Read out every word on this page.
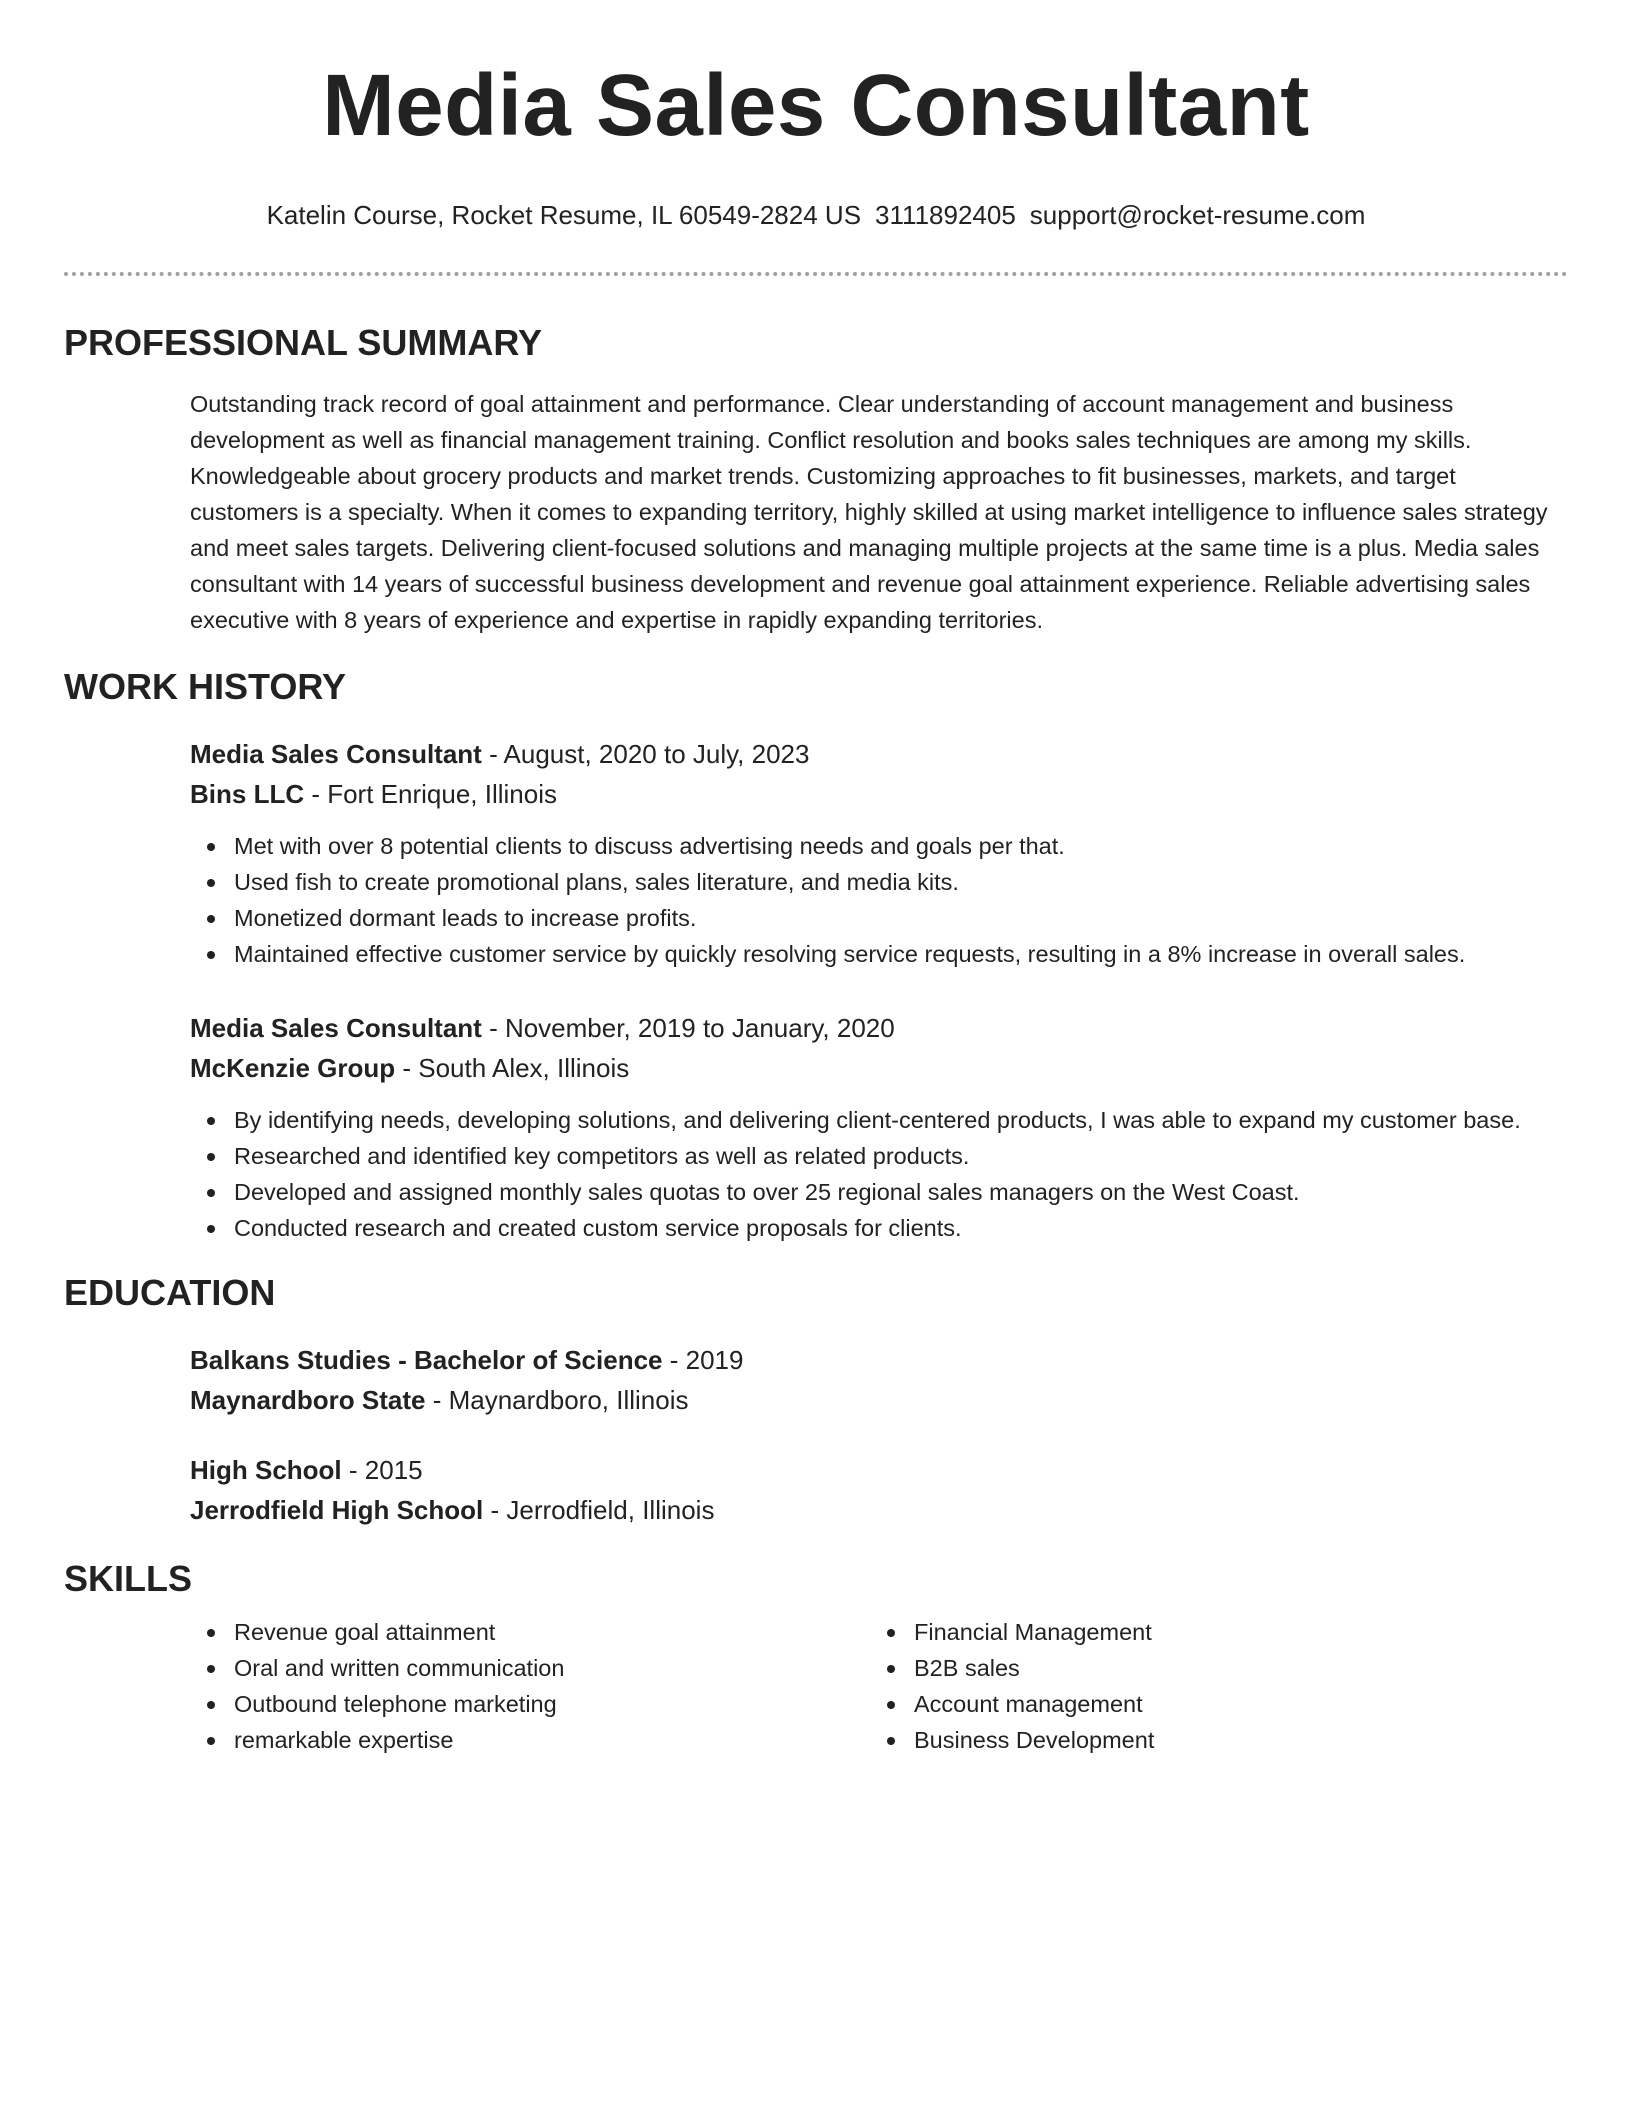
Media Sales Consultant
Katelin Course, Rocket Resume, IL 60549-2824 US 3111892405 support@rocket-resume.com
PROFESSIONAL SUMMARY

Outstanding track record of goal attainment and performance. Clear understanding of account management and business development as well as financial management training. Conflict resolution and books sales techniques are among my skills. Knowledgeable about grocery products and market trends. Customizing approaches to fit businesses, markets, and target customers is a specialty. When it comes to expanding territory, highly skilled at using market intelligence to influence sales strategy and meet sales targets. Delivering client-focused solutions and managing multiple projects at the same time is a plus. Media sales consultant with 14 years of successful business development and revenue goal attainment experience. Reliable advertising sales executive with 8 years of experience and expertise in rapidly expanding territories.

WORK HISTORY
Media Sales Consultant - August, 2020 to July, 2023
Bins LLC - Fort Enrique, Illinois
Met with over 8 potential clients to discuss advertising needs and goals per that.
Used fish to create promotional plans, sales literature, and media kits.
Monetized dormant leads to increase profits.
Maintained effective customer service by quickly resolving service requests, resulting in a 8% increase in overall sales.
Media Sales Consultant - November, 2019 to January, 2020
McKenzie Group - South Alex, Illinois
By identifying needs, developing solutions, and delivering client-centered products, I was able to expand my customer base.
Researched and identified key competitors as well as related products.
Developed and assigned monthly sales quotas to over 25 regional sales managers on the West Coast.
Conducted research and created custom service proposals for clients.
EDUCATION
Balkans Studies - Bachelor of Science - 2019
Maynardboro State - Maynardboro, Illinois
High School - 2015
Jerrodfield High School - Jerrodfield, Illinois
SKILLS
Revenue goal attainment
Oral and written communication
Outbound telephone marketing
remarkable expertise
Financial Management
B2B sales
Account management
Business Development
